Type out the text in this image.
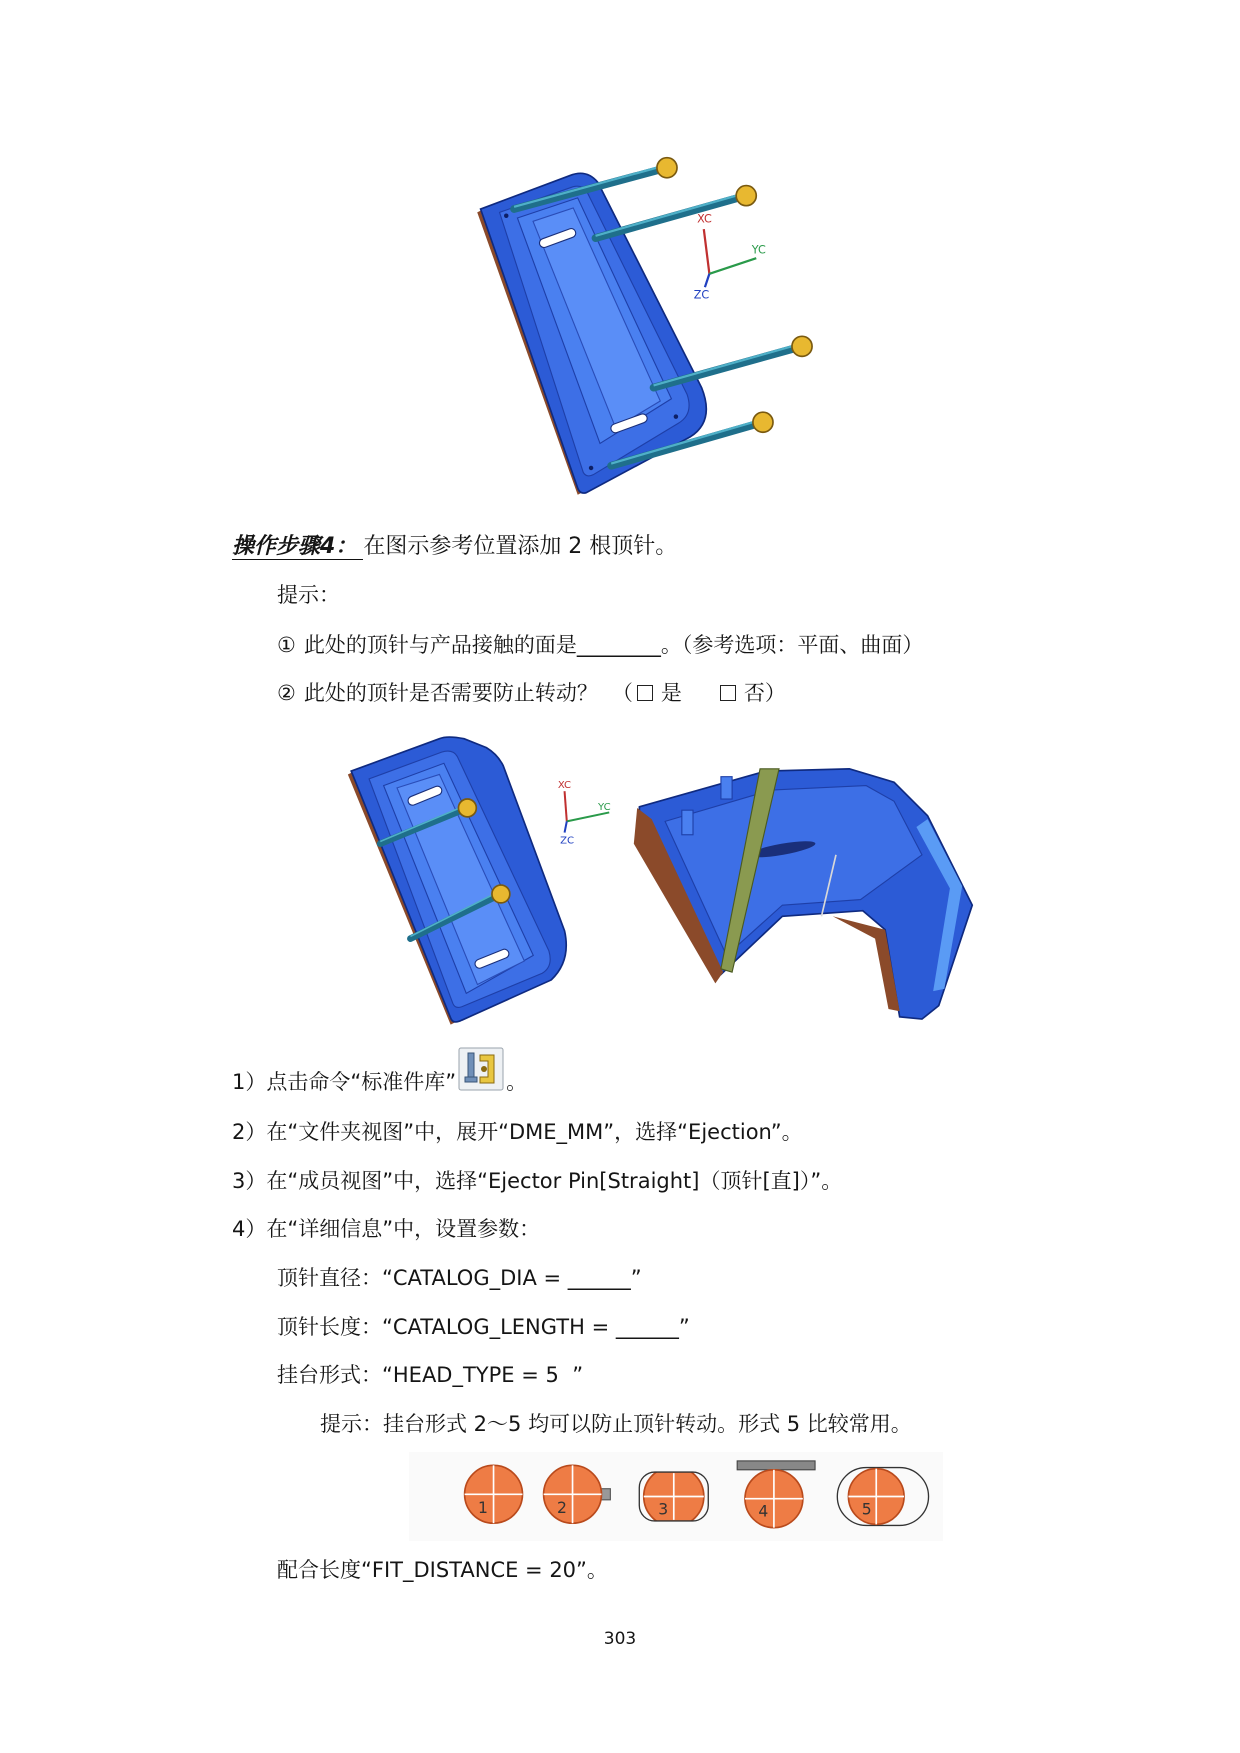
XC
YC
ZC
操作步骤4： 在图示参考位置添加 2 根顶针。
提示：
① 此处的顶针与产品接触的面是________。（参考选项：平面、曲面）
② 此处的顶针是否需要防止转动？ （ 是	否）
XC
YC
ZC
1）点击命令“标准件库” 。
2）在“文件夹视图”中，展开“DME_MM”，选择“Ejection”。
3）在“成员视图”中，选择“Ejector Pin[Straight]（顶针[直]）”。
4）在“详细信息”中，设置参数：
顶针直径：“CATALOG_DIA = ______”
顶针长度：“CATALOG_LENGTH = ______”
挂台形式：“HEAD_TYPE = 5  ”
提示：挂台形式 2～5 均可以防止顶针转动。形式 5 比较常用。
1	2	3	4	5
配合长度“FIT_DISTANCE = 20”。
303
